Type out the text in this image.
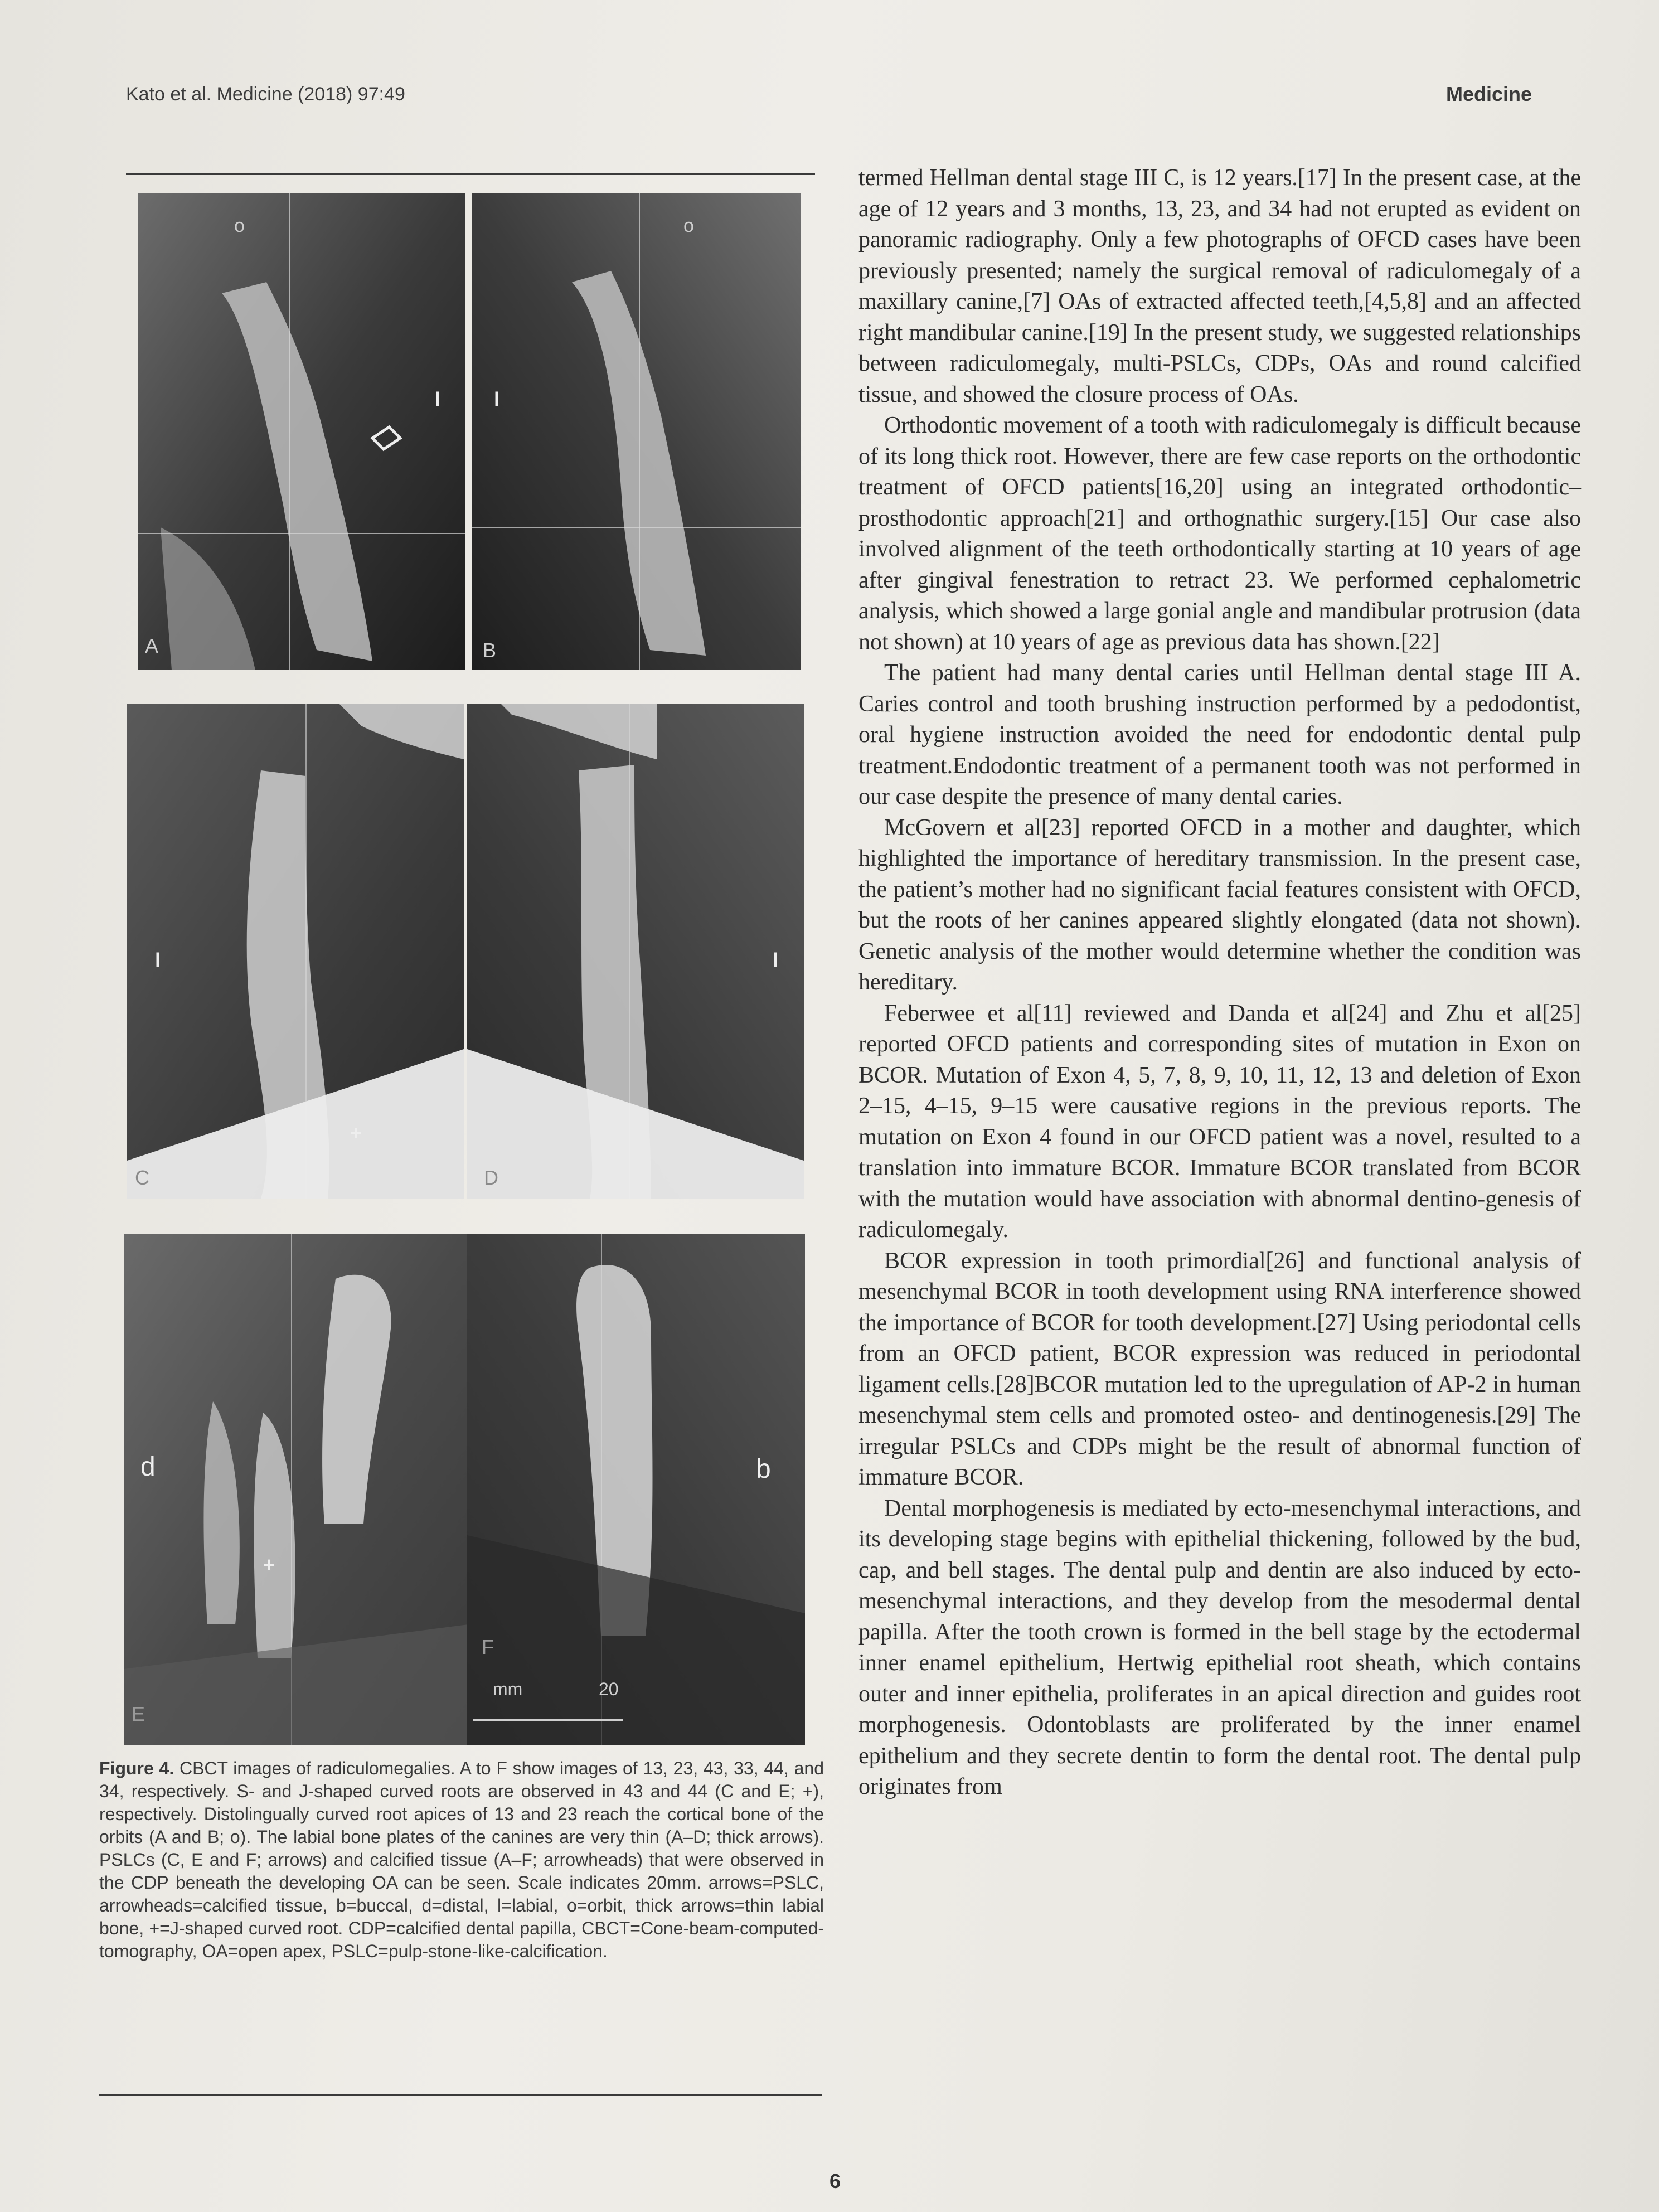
Kato et al. Medicine (2018) 97:49	Medicine
o
l
A
o
l
B
l
+
C
l
D
d
+
E
b
F
mm	20
Figure 4. CBCT images of radiculomegalies. A to F show images of 13, 23, 43, 33, 44, and 34, respectively. S- and J-shaped curved roots are observed in 43 and 44 (C and E; +), respectively. Distolingually curved root apices of 13 and 23 reach the cortical bone of the orbits (A and B; o). The labial bone plates of the canines are very thin (A–D; thick arrows). PSLCs (C, E and F; arrows) and calcified tissue (A–F; arrowheads) that were observed in the CDP beneath the developing OA can be seen. Scale indicates 20mm. arrows=PSLC, arrowheads=calcified tissue, b=buccal, d=distal, l=labial, o=orbit, thick arrows=thin labial bone, +=J-shaped curved root. CDP=calcified dental papilla, CBCT=Cone-beam-computed-tomography, OA=open apex, PSLC=pulp-stone-like-calcification.

termed Hellman dental stage III C, is 12 years.[17] In the present case, at the age of 12 years and 3 months, 13, 23, and 34 had not erupted as evident on panoramic radiography. Only a few photographs of OFCD cases have been previously presented; namely the surgical removal of radiculomegaly of a maxillary canine,[7] OAs of extracted affected teeth,[4,5,8] and an affected right mandibular canine.[19] In the present study, we suggested relationships between radiculomegaly, multi-PSLCs, CDPs, OAs and round calcified tissue, and showed the closure process of OAs.

Orthodontic movement of a tooth with radiculomegaly is difficult because of its long thick root. However, there are few case reports on the orthodontic treatment of OFCD patients[16,20] using an integrated orthodontic–prosthodontic approach[21] and orthognathic surgery.[15] Our case also involved alignment of the teeth orthodontically starting at 10 years of age after gingival fenestration to retract 23. We performed cephalometric analysis, which showed a large gonial angle and mandibular protrusion (data not shown) at 10 years of age as previous data has shown.[22]

The patient had many dental caries until Hellman dental stage III A. Caries control and tooth brushing instruction performed by a pedodontist, oral hygiene instruction avoided the need for endodontic dental pulp treatment.Endodontic treatment of a permanent tooth was not performed in our case despite the presence of many dental caries.

McGovern et al[23] reported OFCD in a mother and daughter, which highlighted the importance of hereditary transmission. In the present case, the patient’s mother had no significant facial features consistent with OFCD, but the roots of her canines appeared slightly elongated (data not shown). Genetic analysis of the mother would determine whether the condition was hereditary.

Feberwee et al[11] reviewed and Danda et al[24] and Zhu et al[25] reported OFCD patients and corresponding sites of mutation in Exon on BCOR. Mutation of Exon 4, 5, 7, 8, 9, 10, 11, 12, 13 and deletion of Exon 2–15, 4–15, 9–15 were causative regions in the previous reports. The mutation on Exon 4 found in our OFCD patient was a novel, resulted to a translation into immature BCOR. Immature BCOR translated from BCOR with the mutation would have association with abnormal dentino-genesis of radiculomegaly.

BCOR expression in tooth primordial[26] and functional analysis of mesenchymal BCOR in tooth development using RNA interference showed the importance of BCOR for tooth development.[27] Using periodontal cells from an OFCD patient, BCOR expression was reduced in periodontal ligament cells.[28]BCOR mutation led to the upregulation of AP-2 in human mesenchymal stem cells and promoted osteo- and dentinogenesis.[29] The irregular PSLCs and CDPs might be the result of abnormal function of immature BCOR.

Dental morphogenesis is mediated by ecto-mesenchymal interactions, and its developing stage begins with epithelial thickening, followed by the bud, cap, and bell stages. The dental pulp and dentin are also induced by ecto-mesenchymal interactions, and they develop from the mesodermal dental papilla. After the tooth crown is formed in the bell stage by the ectodermal inner enamel epithelium, Hertwig epithelial root sheath, which contains outer and inner epithelia, proliferates in an apical direction and guides root morphogenesis. Odontoblasts are proliferated by the inner enamel epithelium and they secrete dentin to form the dental root. The dental pulp originates from

6
